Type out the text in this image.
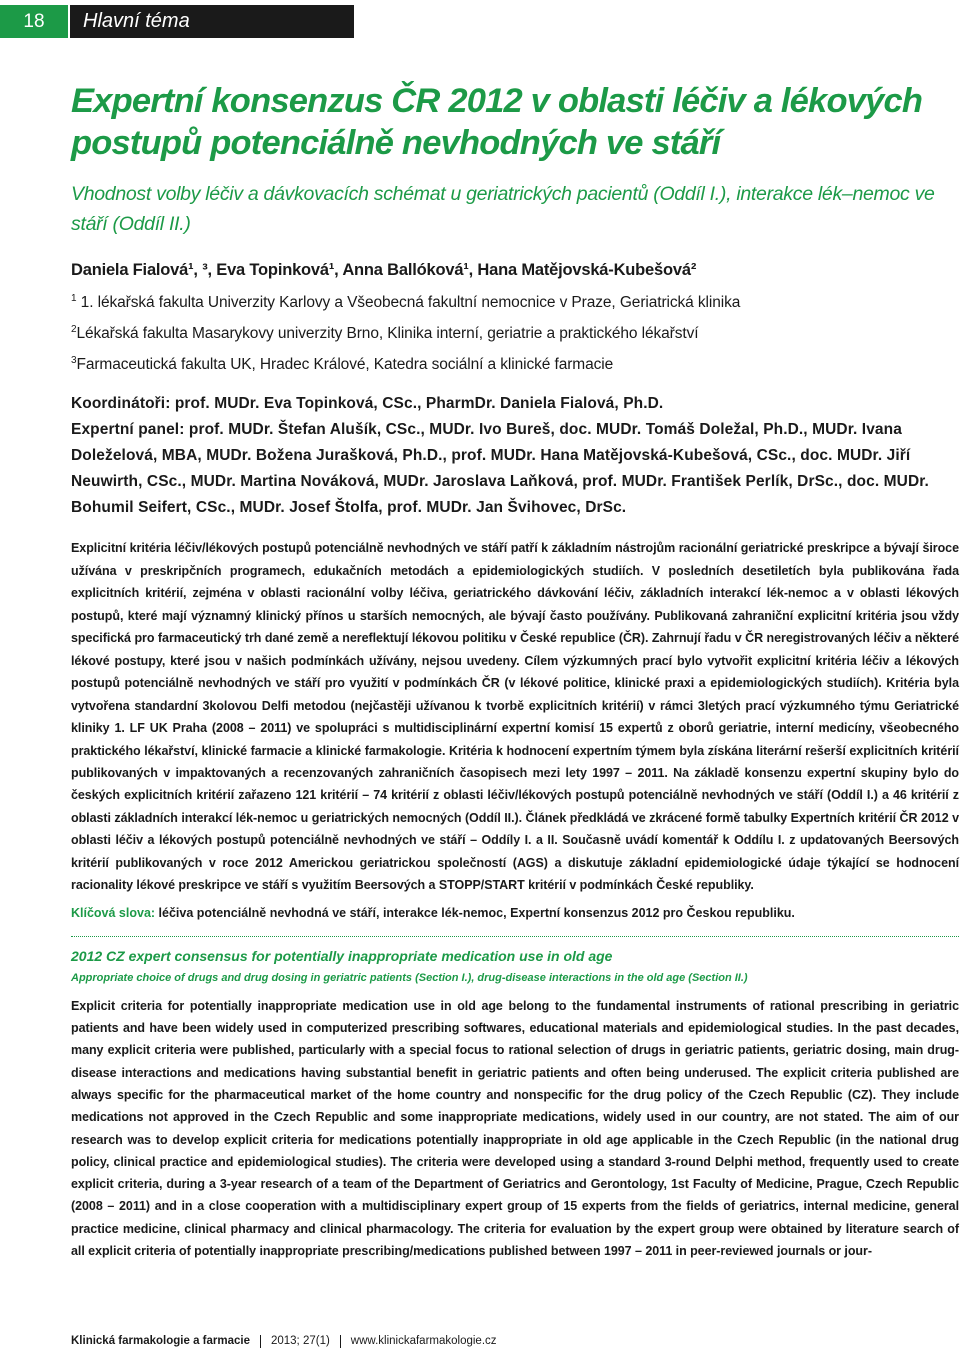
18	Hlavní téma
Expertní konsenzus ČR 2012 v oblasti léčiv a lékových postupů potenciálně nevhodných ve stáří

Vhodnost volby léčiv a dávkovacích schémat u geriatrických pacientů (Oddíl I.), interakce lék–nemoc ve stáří (Oddíl II.)

Daniela Fialová¹, ³, Eva Topinková¹, Anna Ballóková¹, Hana Matějovská-Kubešová²

$^1$ 1. lékařská fakulta Univerzity Karlovy a Všeobecná fakultní nemocnice v Praze, Geriatrická klinika

$^2$Lékařská fakulta Masarykovy univerzity Brno, Klinika interní, geriatrie a praktického lékařství

$^3$Farmaceutická fakulta UK, Hradec Králové, Katedra sociální a klinické farmacie

Koordinátoři: prof. MUDr. Eva Topinková, CSc., PharmDr. Daniela Fialová, Ph.D.
Expertní panel: prof. MUDr. Štefan Alušík, CSc., MUDr. Ivo Bureš, doc. MUDr. Tomáš Doležal, Ph.D., MUDr. Ivana Doleželová, MBA, MUDr. Božena Jurašková, Ph.D., prof. MUDr. Hana Matějovská-Kubešová, CSc., doc. MUDr. Jiří Neuwirth, CSc., MUDr. Martina Nováková, MUDr. Jaroslava Laňková, prof. MUDr. František Perlík, DrSc., doc. MUDr. Bohumil Seifert, CSc., MUDr. Josef Štolfa, prof. MUDr. Jan Švihovec, DrSc.

Explicitní kritéria léčiv/lékových postupů potenciálně nevhodných ve stáří patří k základním nástrojům racionální geriatrické preskripce a bývají široce užívána v preskripčních programech, edukačních metodách a epidemiologických studiích. V posledních desetiletích byla publikována řada explicitních kritérií, zejména v oblasti racionální volby léčiva, geriatrického dávkování léčiv, základních interakcí lék-nemoc a v oblasti lékových postupů, které mají významný klinický přínos u starších nemocných, ale bývají často používány. Publikovaná zahraniční explicitní kritéria jsou vždy specifická pro farmaceutický trh dané země a nereflektují lékovou politiku v České republice (ČR). Zahrnují řadu v ČR neregistrovaných léčiv a některé lékové postupy, které jsou v našich podmínkách užívány, nejsou uvedeny. Cílem výzkumných prací bylo vytvořit explicitní kritéria léčiv a lékových postupů potenciálně nevhodných ve stáří pro využití v podmínkách ČR (v lékové politice, klinické praxi a epidemiologických studiích). Kritéria byla vytvořena standardní 3kolovou Delfi metodou (nejčastěji užívanou k tvorbě explicitních kritérií) v rámci 3letých prací výzkumného týmu Geriatrické kliniky 1. LF UK Praha (2008 – 2011) ve spolupráci s multidisciplinární expertní komisí 15 expertů z oborů geriatrie, interní medicíny, všeobecného praktického lékařství, klinické farmacie a klinické farmakologie. Kritéria k hodnocení expertním týmem byla získána literární rešerší explicitních kritérií publikovaných v impaktovaných a recenzovaných zahraničních časopisech mezi lety 1997 – 2011. Na základě konsenzu expertní skupiny bylo do českých explicitních kritérií zařazeno 121 kritérií – 74 kritérií z oblasti léčiv/lékových postupů potenciálně nevhodných ve stáří (Oddíl I.) a 46 kritérií z oblasti základních interakcí lék-nemoc u geriatrických nemocných (Oddíl II.). Článek předkládá ve zkrácené formě tabulky Expertních kritérií ČR 2012 v oblasti léčiv a lékových postupů potenciálně nevhodných ve stáří – Oddíly I. a II. Současně uvádí komentář k Oddílu I. z updatovaných Beersových kritérií publikovaných v roce 2012 Americkou geriatrickou společností (AGS) a diskutuje základní epidemiologické údaje týkající se hodnocení racionality lékové preskripce ve stáří s využitím Beersových a STOPP/START kritérií v podmínkách České republiky.

Klíčová slova: léčiva potenciálně nevhodná ve stáří, interakce lék-nemoc, Expertní konsenzus 2012 pro Českou republiku.

2012 CZ expert consensus for potentially inappropriate medication use in old age

Appropriate choice of drugs and drug dosing in geriatric patients (Section I.), drug-disease interactions in the old age (Section II.)

Explicit criteria for potentially inappropriate medication use in old age belong to the fundamental instruments of rational prescribing in geriatric patients and have been widely used in computerized prescribing softwares, educational materials and epidemiological studies. In the past decades, many explicit criteria were published, particularly with a special focus to rational selection of drugs in geriatric patients, geriatric dosing, main drug-disease interactions and medications having substantial benefit in geriatric patients and often being underused. The explicit criteria published are always specific for the pharmaceutical market of the home country and nonspecific for the drug policy of the Czech Republic (CZ). They include medications not approved in the Czech Republic and some inappropriate medications, widely used in our country, are not stated. The aim of our research was to develop explicit criteria for medications potentially inappropriate in old age applicable in the Czech Republic (in the national drug policy, clinical practice and epidemiological studies). The criteria were developed using a standard 3-round Delphi method, frequently used to create explicit criteria, during a 3-year research of a team of the Department of Geriatrics and Gerontology, 1st Faculty of Medicine, Prague, Czech Republic (2008 – 2011) and in a close cooperation with a multidisciplinary expert group of 15 experts from the fields of geriatrics, internal medicine, general practice medicine, clinical pharmacy and clinical pharmacology. The criteria for evaluation by the expert group were obtained by literature search of all explicit criteria of potentially inappropriate prescribing/medications published between 1997 – 2011 in peer-reviewed journals or jour-

Klinická farmakologie a farmacie 2013; 27(1) www.klinickafarmakologie.cz
